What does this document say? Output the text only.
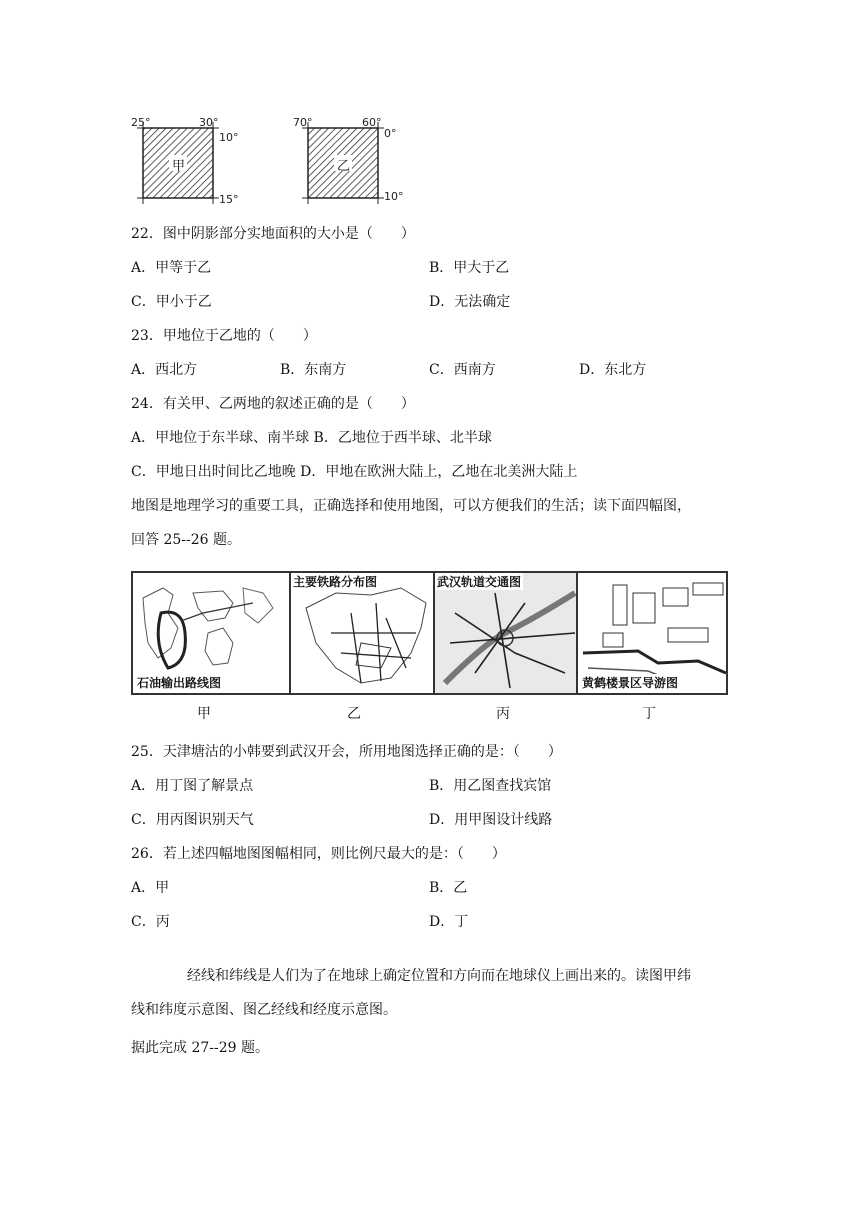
25°	30°
10°
15°
甲
70°	60°
0°
10°
乙
22．图中阴影部分实地面积的大小是（　　）
A．甲等于乙	B．甲大于乙
C．甲小于乙	D．无法确定
23．甲地位于乙地的（　　）
A．西北方	B．东南方	C．西南方	D．东北方
24．有关甲、乙两地的叙述正确的是（　　）
A．甲地位于东半球、南半球 B．乙地位于西半球、北半球
C．甲地日出时间比乙地晚 D．甲地在欧洲大陆上，乙地在北美洲大陆上
地图是地理学习的重要工具，正确选择和使用地图，可以方便我们的生活；读下面四幅图，
回答 25--26 题。
石油输出路线图
主要铁路分布图	武汉轨道交通图
黄鹤楼景区导游图
甲	乙	丙	丁
25．天津塘沽的小韩要到武汉开会，所用地图选择正确的是：（　　）
A．用丁图了解景点	B．用乙图查找宾馆
C．用丙图识别天气	D．用甲图设计线路
26．若上述四幅地图图幅相同，则比例尺最大的是：（　　）
A．甲	B．乙
C．丙	D．丁
经线和纬线是人们为了在地球上确定位置和方向而在地球仪上画出来的。读图甲纬
线和纬度示意图、图乙经线和经度示意图。
据此完成 27--29 题。
